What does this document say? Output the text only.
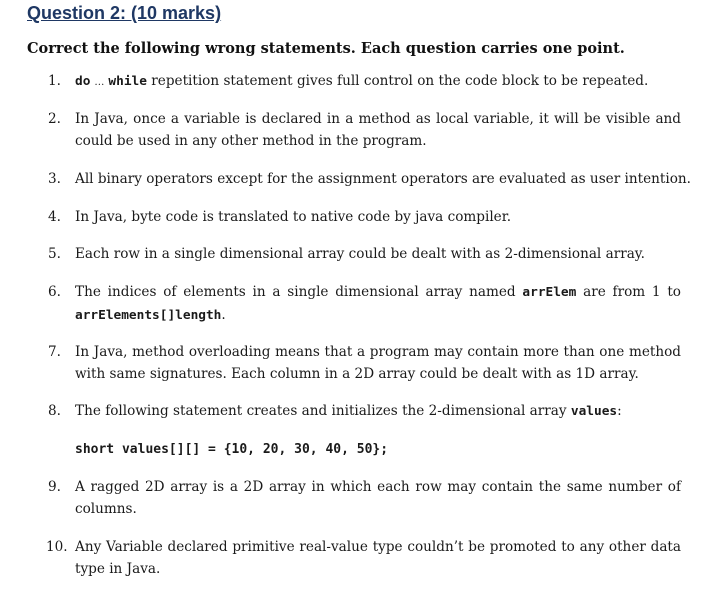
Question 2: (10 marks)

Correct the following wrong statements. Each question carries one point.

1. do … while repetition statement gives full control on the code block to be repeated.
2. In Java, once a variable is declared in a method as local variable, it will be visible and could be used in any other method in the program.
3. All binary operators except for the assignment operators are evaluated as user intention.
4. In Java, byte code is translated to native code by java compiler.
5. Each row in a single dimensional array could be dealt with as 2-dimensional array.
6. The indices of elements in a single dimensional array named arrElem are from 1 to arrElements[]length.
7. In Java, method overloading means that a program may contain more than one method with same signatures. Each column in a 2D array could be dealt with as 1D array.
8. The following statement creates and initializes the 2-dimensional array values:
short values[][] = {10, 20, 30, 40, 50};
9. A ragged 2D array is a 2D array in which each row may contain the same number of columns.
10. Any Variable declared primitive real-value type couldn’t be promoted to any other data type in Java.
